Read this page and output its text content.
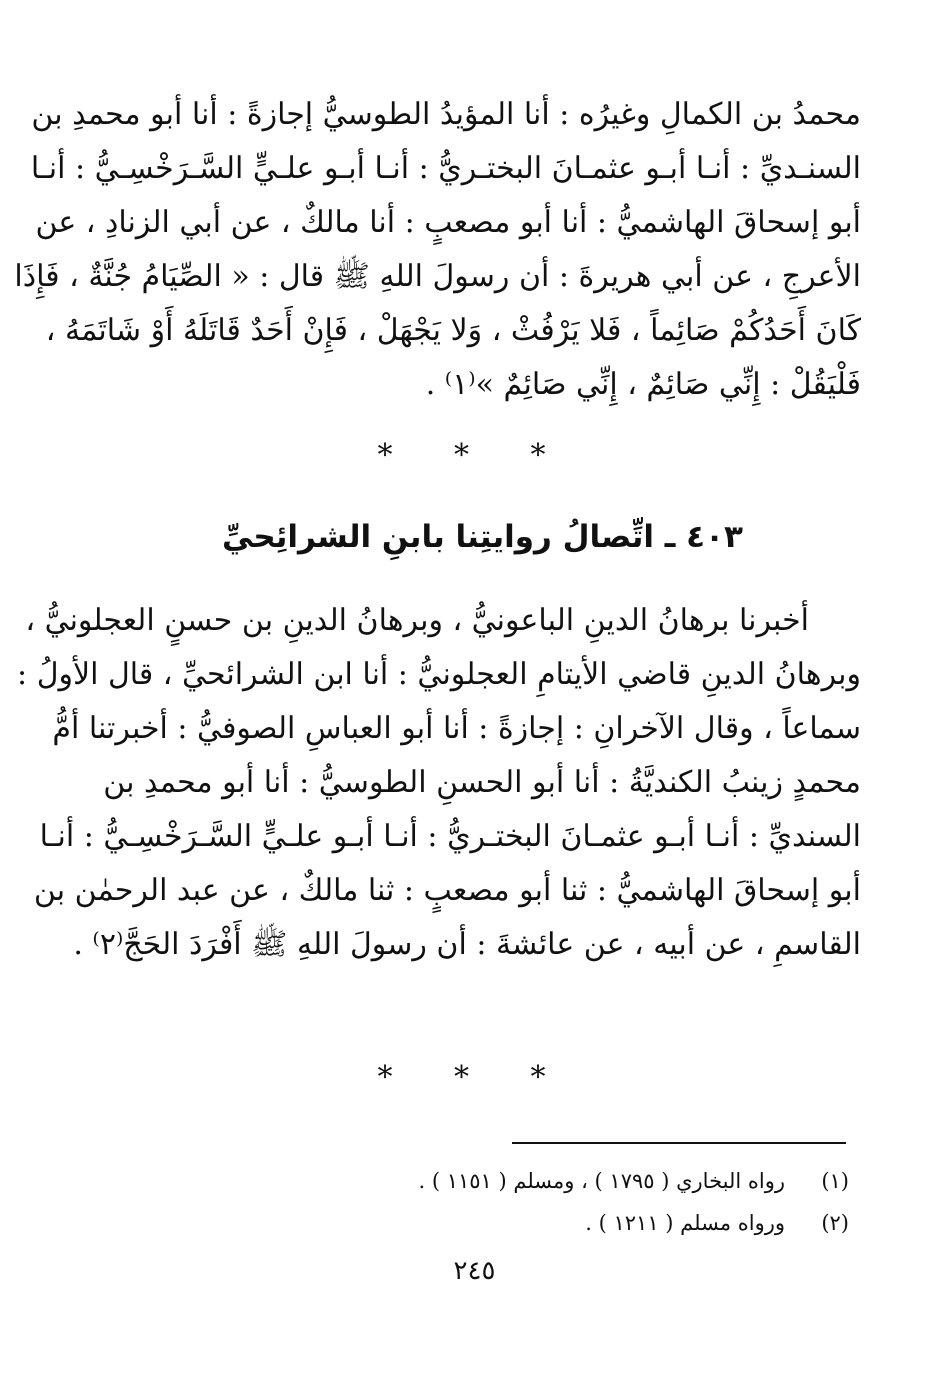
محمدُ بن الكمالِ وغيرُه : أنا المؤيدُ الطوسيُّ إجازةً : أنا أبو محمدِ بن
السنـديِّ : أنـا أبـو عثمـانَ البختـريُّ : أنـا أبـو علـيٍّ السَّـرَخْسِـيُّ : أنـا
أبو إسحاقَ الهاشميُّ : أنا أبو مصعبٍ : أنا مالكٌ ، عن أبي الزنادِ ، عن
الأعرجِ ، عن أبي هريرةَ : أن رسولَ اللهِ ﷺ قال : « الصِّيَامُ جُنَّةٌ ، فَإِذَا
كَانَ أَحَدُكُمْ صَائِماً ، فَلا يَرْفُثْ ، وَلا يَجْهَلْ ، فَإِنْ أَحَدٌ قَاتَلَهُ أَوْ شَاتَمَهُ ،
فَلْيَقُلْ : إِنِّي صَائِمٌ ، إِنِّي صَائِمٌ »⁽١⁾ .
* * *
٤٠٣ ـ اتِّصالُ روايتِنا بابنِ الشرائِحيِّ
أخبرنا برهانُ الدينِ الباعونيُّ ، وبرهانُ الدينِ بن حسنٍ العجلونيُّ ،
وبرهانُ الدينِ قاضي الأيتامِ العجلونيُّ : أنا ابن الشرائحيِّ ، قال الأولُ :
سماعاً ، وقال الآخرانِ : إجازةً : أنا أبو العباسِ الصوفيُّ : أخبرتنا أمُّ
محمدٍ زينبُ الكنديَّةُ : أنا أبو الحسنِ الطوسيُّ : أنا أبو محمدِ بن
السنديِّ : أنـا أبـو عثمـانَ البختـريُّ : أنـا أبـو علـيٍّ السَّـرَخْسِـيُّ : أنـا
أبو إسحاقَ الهاشميُّ : ثنا أبو مصعبٍ : ثنا مالكٌ ، عن عبد الرحمٰن بن
القاسمِ ، عن أبيه ، عن عائشةَ : أن رسولَ اللهِ ﷺ أَفْرَدَ الحَجَّ⁽٢⁾ .
* * *
(١)رواه البخاري ( ١٧٩٥ ) ، ومسلم ( ١١٥١ ) .
(٢)ورواه مسلم ( ١٢١١ ) .
٢٤٥
